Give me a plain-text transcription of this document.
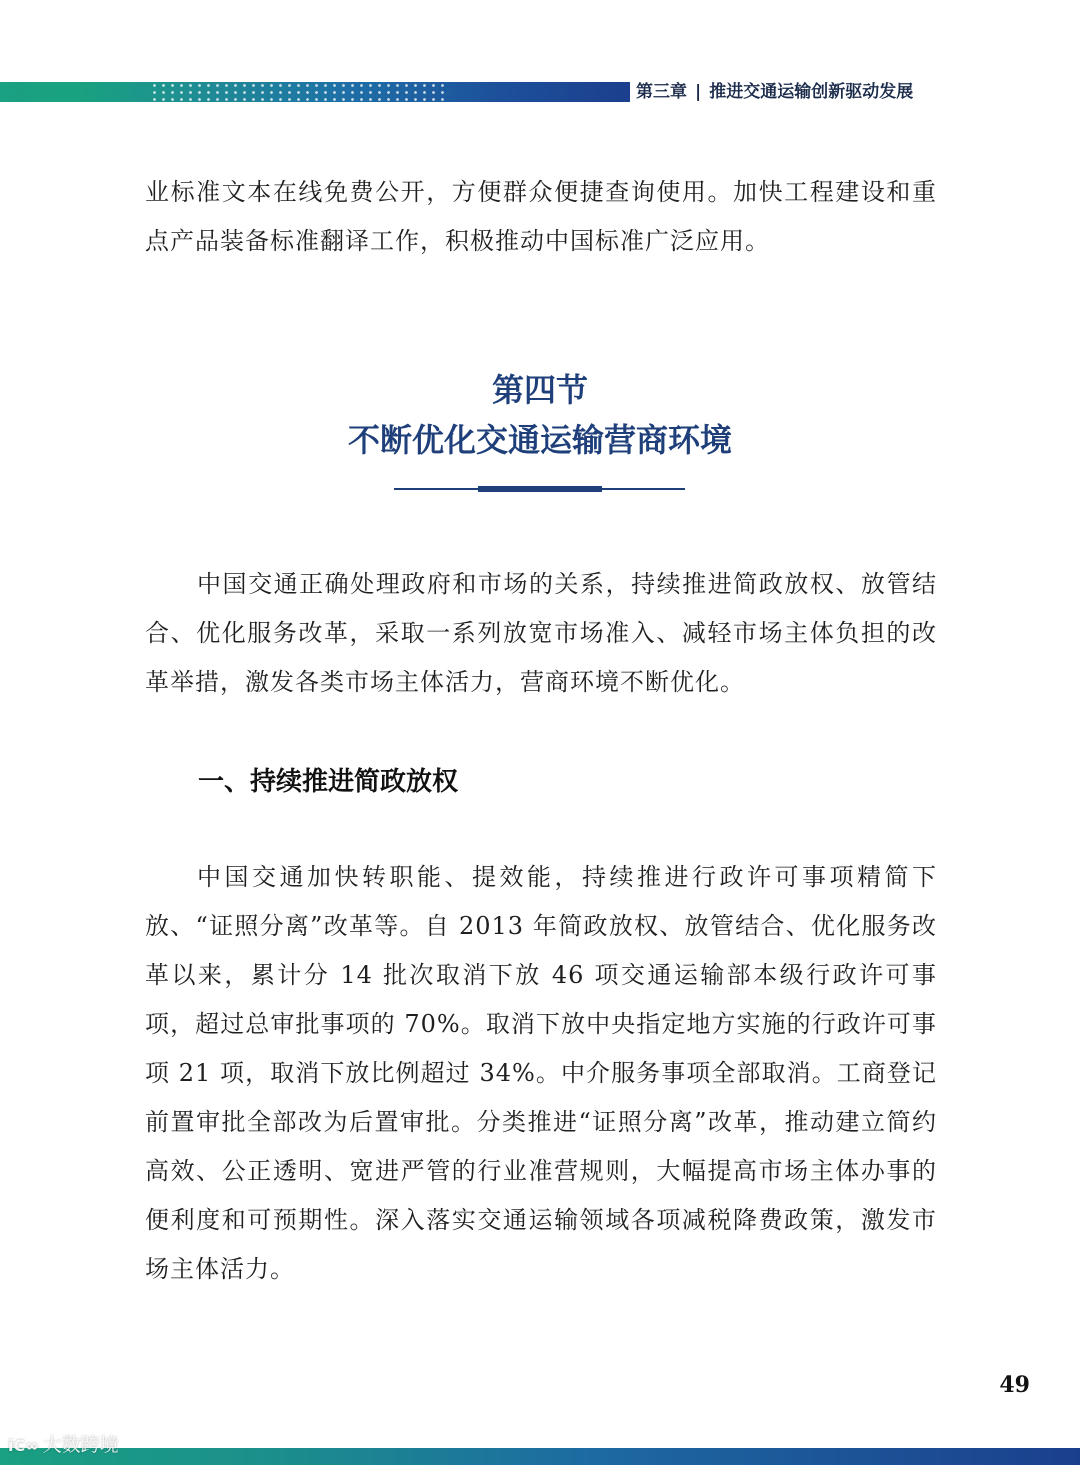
第三章 | 推进交通运输创新驱动发展

业标准文本在线免费公开，方便群众便捷查询使用。加快工程建设和重点产品装备标准翻译工作，积极推动中国标准广泛应用。

第四节
不断优化交通运输营商环境

中国交通正确处理政府和市场的关系，持续推进简政放权、放管结合、优化服务改革，采取一系列放宽市场准入、减轻市场主体负担的改革举措，激发各类市场主体活力，营商环境不断优化。

一、持续推进简政放权

中国交通加快转职能、提效能，持续推进行政许可事项精简下放、“证照分离”改革等。自 2013 年简政放权、放管结合、优化服务改革以来，累计分 14 批次取消下放 46 项交通运输部本级行政许可事项，超过总审批事项的 70%。取消下放中央指定地方实施的行政许可事项 21 项，取消下放比例超过 34%。中介服务事项全部取消。工商登记前置审批全部改为后置审批。分类推进“证照分离”改革，推动建立简约高效、公正透明、宽进严管的行业准营规则，大幅提高市场主体办事的便利度和可预期性。深入落实交通运输领域各项减税降费政策，激发市场主体活力。

49
iC∞ 大数跨境
